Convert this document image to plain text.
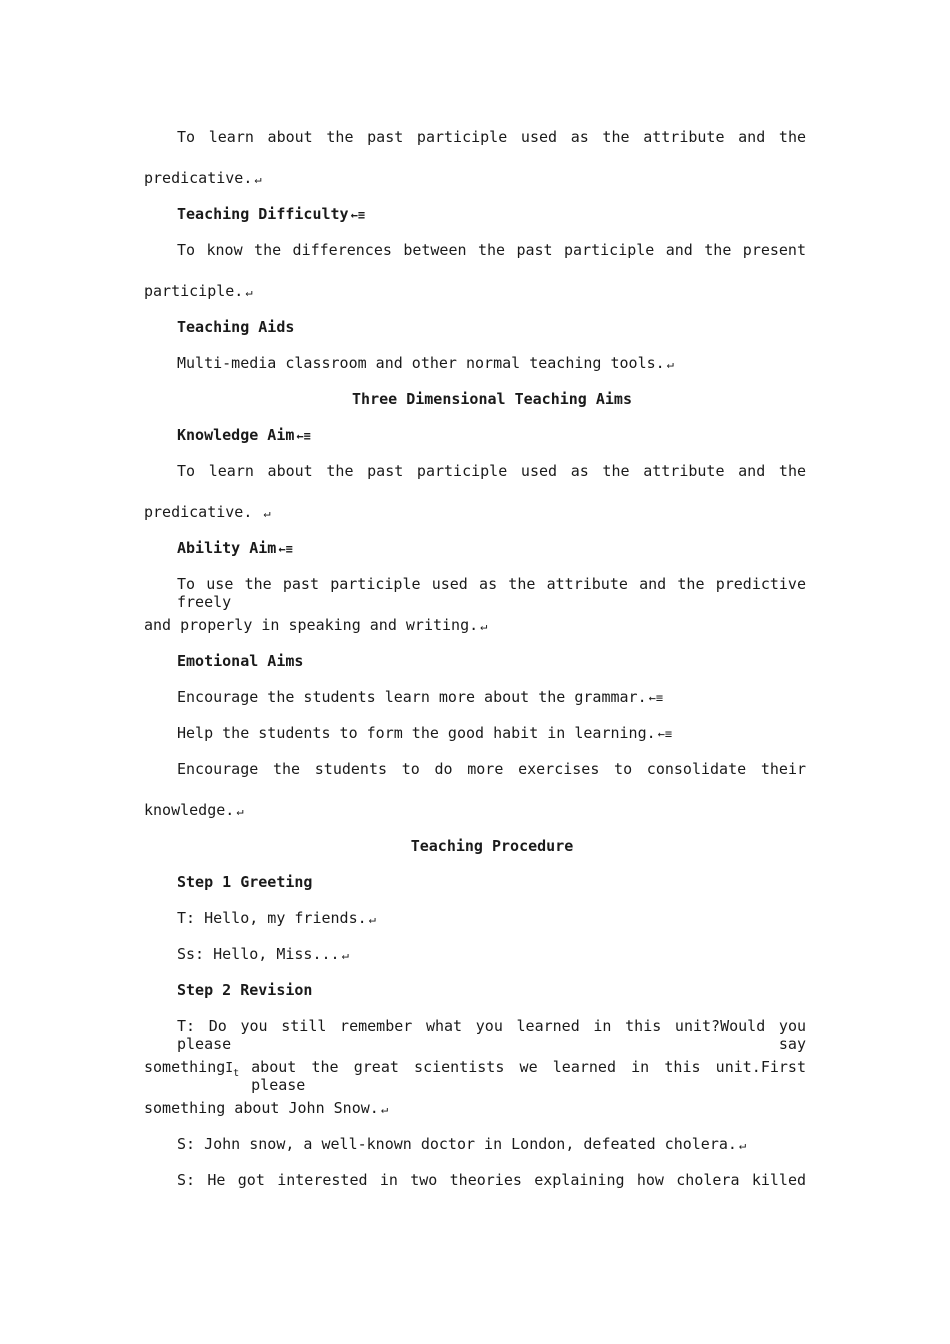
To learn about the past participle used as the attribute and the
predicative. ↵
Teaching Difficulty ←≡
To know the differences between the past participle and the present
participle. ↵
Teaching Aids
Multi-media classroom and other normal teaching tools. ↵
Three Dimensional Teaching Aims
Knowledge Aim ←≡
To learn about the past participle used as the attribute and the
predicative. ↵
Ability Aim ←≡
To use the past participle used as the attribute and the predictive freely
and properly in speaking and writing. ↵
Emotional Aims
Encourage the students learn more about the grammar. ←≡
Help the students to form the good habit in learning. ←≡
Encourage the students to do more exercises to consolidate their
knowledge. ↵
Teaching Procedure
Step 1 Greeting
T: Hello, my friends. ↵
Ss: Hello, Miss... ↵
Step 2 Revision
T: Do you still remember what you learned in this unit?Would you please say
somethingI$_t$ about the great scientists we learned in this unit.First please
something about John Snow. ↵
S: John snow, a well-known doctor in London, defeated cholera. ↵
S: He got interested in two theories explaining how cholera killed
